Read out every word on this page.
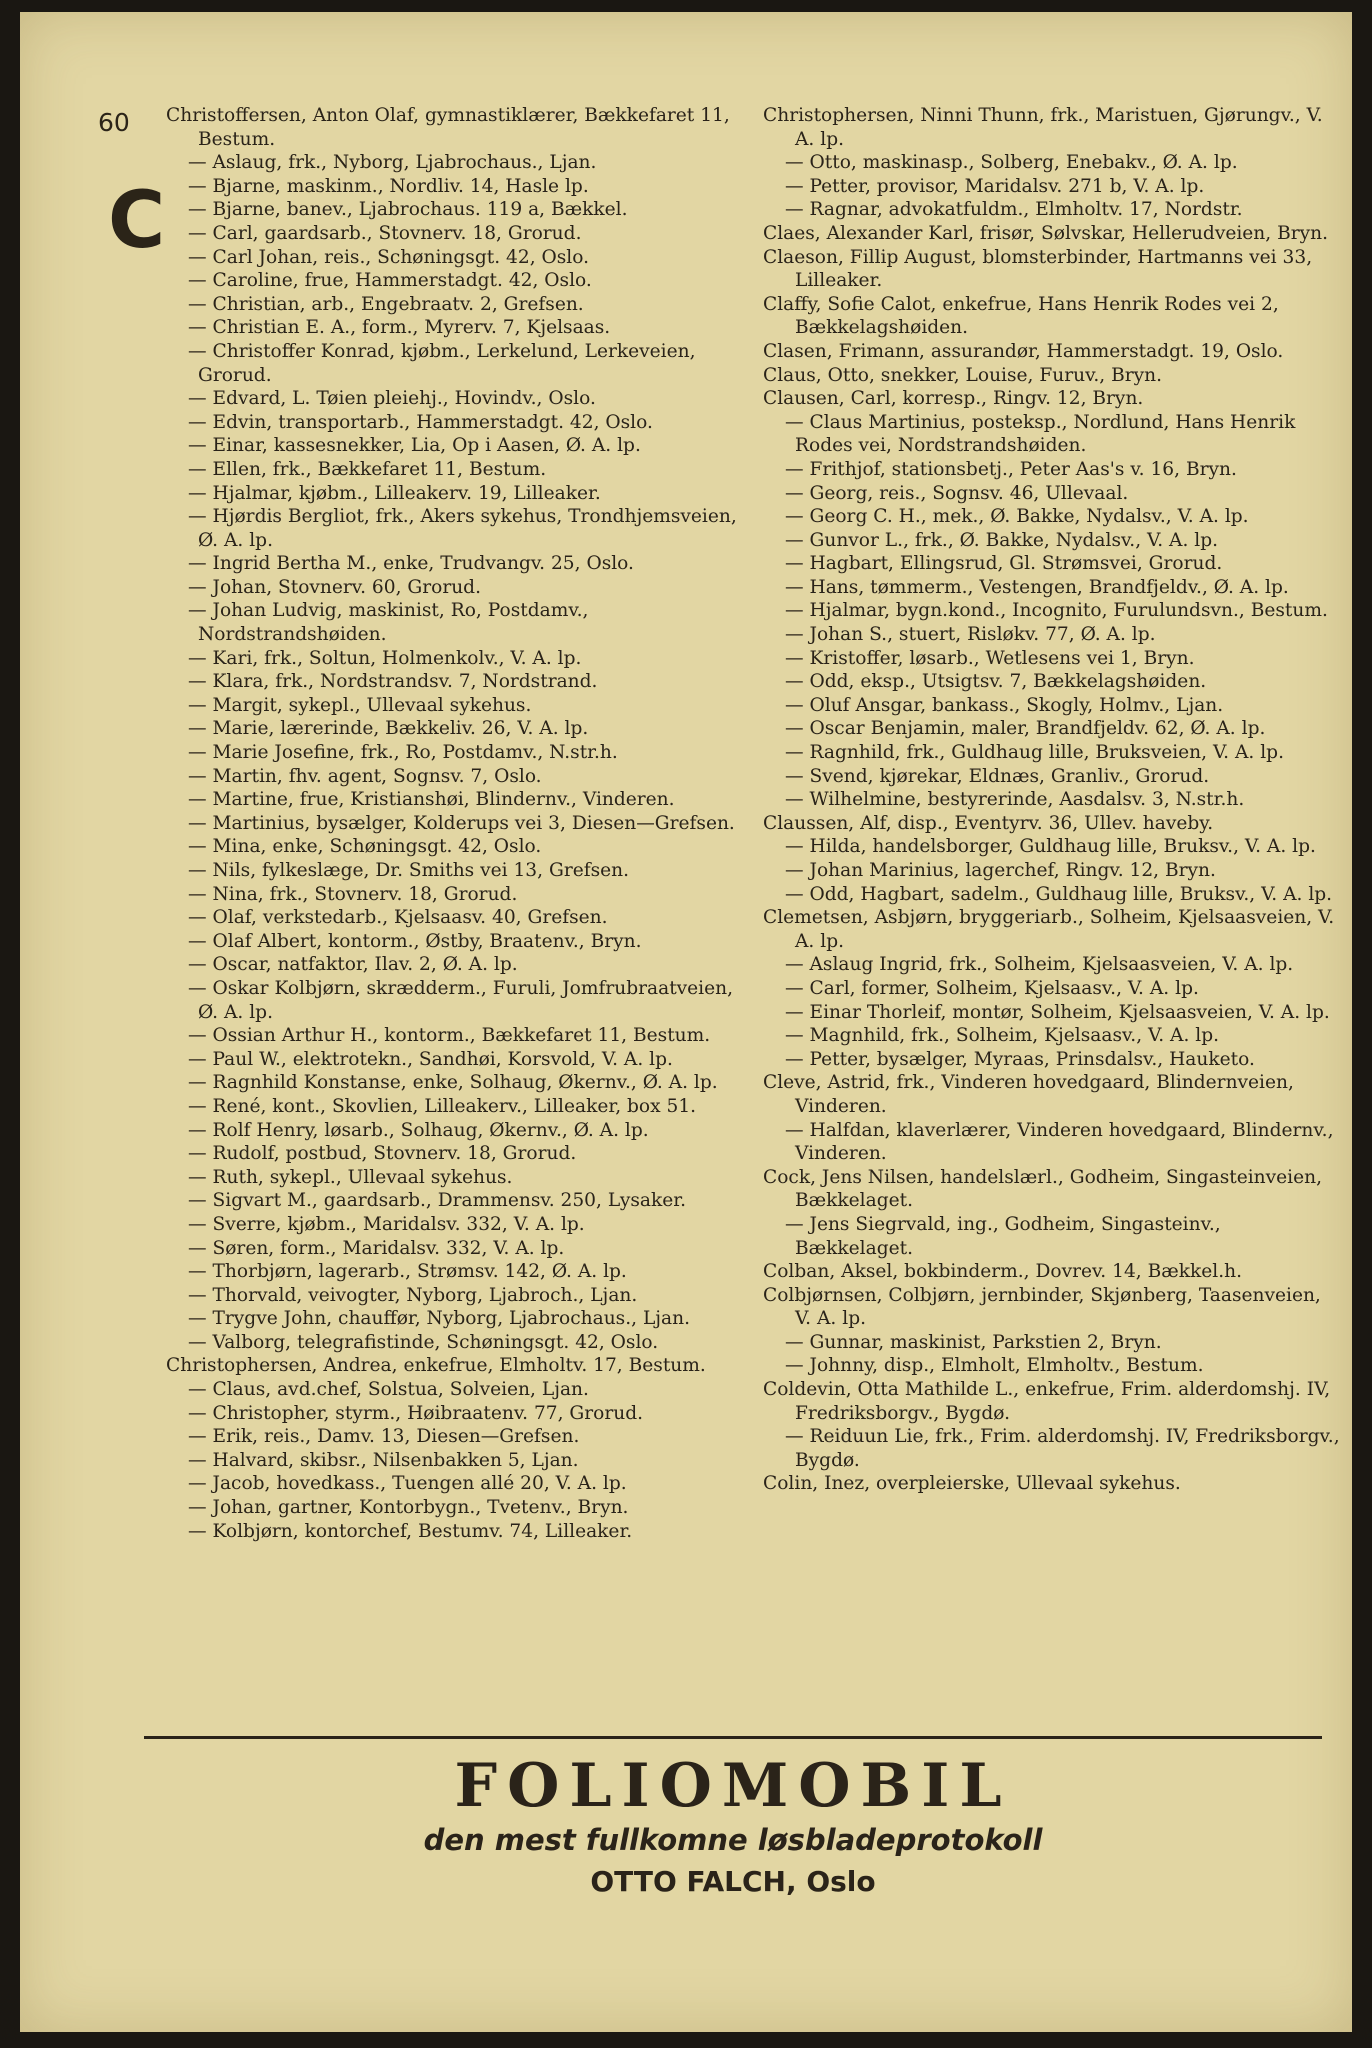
60
C

Christoffersen, Anton Olaf, gymnastiklærer, Bækkefaret 11, Bestum.

— Aslaug, frk., Nyborg, Ljabrochaus., Ljan.

— Bjarne, maskinm., Nordliv. 14, Hasle lp.

— Bjarne, banev., Ljabrochaus. 119 a, Bækkel.

— Carl, gaardsarb., Stovnerv. 18, Grorud.

— Carl Johan, reis., Schøningsgt. 42, Oslo.

— Caroline, frue, Hammerstadgt. 42, Oslo.

— Christian, arb., Engebraatv. 2, Grefsen.

— Christian E. A., form., Myrerv. 7, Kjelsaas.

— Christoffer Konrad, kjøbm., Lerkelund, Lerkeveien, Grorud.

— Edvard, L. Tøien pleiehj., Hovindv., Oslo.

— Edvin, transportarb., Hammerstadgt. 42, Oslo.

— Einar, kassesnekker, Lia, Op i Aasen, Ø. A. lp.

— Ellen, frk., Bækkefaret 11, Bestum.

— Hjalmar, kjøbm., Lilleakerv. 19, Lilleaker.

— Hjørdis Bergliot, frk., Akers sykehus, Trondhjemsveien, Ø. A. lp.

— Ingrid Bertha M., enke, Trudvangv. 25, Oslo.

— Johan, Stovnerv. 60, Grorud.

— Johan Ludvig, maskinist, Ro, Postdamv., Nordstrandshøiden.

— Kari, frk., Soltun, Holmenkolv., V. A. lp.

— Klara, frk., Nordstrandsv. 7, Nordstrand.

— Margit, sykepl., Ullevaal sykehus.

— Marie, lærerinde, Bækkeliv. 26, V. A. lp.

— Marie Josefine, frk., Ro, Postdamv., N.str.h.

— Martin, fhv. agent, Sognsv. 7, Oslo.

— Martine, frue, Kristianshøi, Blindernv., Vinderen.

— Martinius, bysælger, Kolderups vei 3, Diesen—Grefsen.

— Mina, enke, Schøningsgt. 42, Oslo.

— Nils, fylkeslæge, Dr. Smiths vei 13, Grefsen.

— Nina, frk., Stovnerv. 18, Grorud.

— Olaf, verkstedarb., Kjelsaasv. 40, Grefsen.

— Olaf Albert, kontorm., Østby, Braatenv., Bryn.

— Oscar, natfaktor, Ilav. 2, Ø. A. lp.

— Oskar Kolbjørn, skrædderm., Furuli, Jomfrubraatveien, Ø. A. lp.

— Ossian Arthur H., kontorm., Bækkefaret 11, Bestum.

— Paul W., elektrotekn., Sandhøi, Korsvold, V. A. lp.

— Ragnhild Konstanse, enke, Solhaug, Økernv., Ø. A. lp.

— René, kont., Skovlien, Lilleakerv., Lilleaker, box 51.

— Rolf Henry, løsarb., Solhaug, Økernv., Ø. A. lp.

— Rudolf, postbud, Stovnerv. 18, Grorud.

— Ruth, sykepl., Ullevaal sykehus.

— Sigvart M., gaardsarb., Drammensv. 250, Lysaker.

— Sverre, kjøbm., Maridalsv. 332, V. A. lp.

— Søren, form., Maridalsv. 332, V. A. lp.

— Thorbjørn, lagerarb., Strømsv. 142, Ø. A. lp.

— Thorvald, veivogter, Nyborg, Ljabroch., Ljan.

— Trygve John, chauffør, Nyborg, Ljabrochaus., Ljan.

— Valborg, telegrafistinde, Schøningsgt. 42, Oslo.

Christophersen, Andrea, enkefrue, Elmholtv. 17, Bestum.

— Claus, avd.chef, Solstua, Solveien, Ljan.

— Christopher, styrm., Høibraatenv. 77, Grorud.

— Erik, reis., Damv. 13, Diesen—Grefsen.

— Halvard, skibsr., Nilsenbakken 5, Ljan.

— Jacob, hovedkass., Tuengen allé 20, V. A. lp.

— Johan, gartner, Kontorbygn., Tvetenv., Bryn.

— Kolbjørn, kontorchef, Bestumv. 74, Lilleaker.

Christophersen, Ninni Thunn, frk., Maristuen, Gjørungv., V. A. lp.

— Otto, maskinasp., Solberg, Enebakv., Ø. A. lp.

— Petter, provisor, Maridalsv. 271 b, V. A. lp.

— Ragnar, advokatfuldm., Elmholtv. 17, Nordstr.

Claes, Alexander Karl, frisør, Sølvskar, Hellerudveien, Bryn.

Claeson, Fillip August, blomsterbinder, Hartmanns vei 33, Lilleaker.

Claffy, Sofie Calot, enkefrue, Hans Henrik Rodes vei 2, Bækkelagshøiden.

Clasen, Frimann, assurandør, Hammerstadgt. 19, Oslo.

Claus, Otto, snekker, Louise, Furuv., Bryn.

Clausen, Carl, korresp., Ringv. 12, Bryn.

— Claus Martinius, posteksp., Nordlund, Hans Henrik Rodes vei, Nordstrandshøiden.

— Frithjof, stationsbetj., Peter Aas's v. 16, Bryn.

— Georg, reis., Sognsv. 46, Ullevaal.

— Georg C. H., mek., Ø. Bakke, Nydalsv., V. A. lp.

— Gunvor L., frk., Ø. Bakke, Nydalsv., V. A. lp.

— Hagbart, Ellingsrud, Gl. Strømsvei, Grorud.

— Hans, tømmerm., Vestengen, Brandfjeldv., Ø. A. lp.

— Hjalmar, bygn.kond., Incognito, Furulundsvn., Bestum.

— Johan S., stuert, Risløkv. 77, Ø. A. lp.

— Kristoffer, løsarb., Wetlesens vei 1, Bryn.

— Odd, eksp., Utsigtsv. 7, Bækkelagshøiden.

— Oluf Ansgar, bankass., Skogly, Holmv., Ljan.

— Oscar Benjamin, maler, Brandfjeldv. 62, Ø. A. lp.

— Ragnhild, frk., Guldhaug lille, Bruksveien, V. A. lp.

— Svend, kjørekar, Eldnæs, Granliv., Grorud.

— Wilhelmine, bestyrerinde, Aasdalsv. 3, N.str.h.

Claussen, Alf, disp., Eventyrv. 36, Ullev. haveby.

— Hilda, handelsborger, Guldhaug lille, Bruksv., V. A. lp.

— Johan Marinius, lagerchef, Ringv. 12, Bryn.

— Odd, Hagbart, sadelm., Guldhaug lille, Bruksv., V. A. lp.

Clemetsen, Asbjørn, bryggeriarb., Solheim, Kjelsaasveien, V. A. lp.

— Aslaug Ingrid, frk., Solheim, Kjelsaasveien, V. A. lp.

— Carl, former, Solheim, Kjelsaasv., V. A. lp.

— Einar Thorleif, montør, Solheim, Kjelsaasveien, V. A. lp.

— Magnhild, frk., Solheim, Kjelsaasv., V. A. lp.

— Petter, bysælger, Myraas, Prinsdalsv., Hauketo.

Cleve, Astrid, frk., Vinderen hovedgaard, Blindernveien, Vinderen.

— Halfdan, klaverlærer, Vinderen hovedgaard, Blindernv., Vinderen.

Cock, Jens Nilsen, handelslærl., Godheim, Singasteinveien, Bækkelaget.

— Jens Siegrvald, ing., Godheim, Singasteinv., Bækkelaget.

Colban, Aksel, bokbinderm., Dovrev. 14, Bækkel.h.

Colbjørnsen, Colbjørn, jernbinder, Skjønberg, Taasenveien, V. A. lp.

— Gunnar, maskinist, Parkstien 2, Bryn.

— Johnny, disp., Elmholt, Elmholtv., Bestum.

Coldevin, Otta Mathilde L., enkefrue, Frim. alderdomshj. IV, Fredriksborgv., Bygdø.

— Reiduun Lie, frk., Frim. alderdomshj. IV, Fredriksborgv., Bygdø.

Colin, Inez, overpleierske, Ullevaal sykehus.

FOLIOMOBIL

den mest fullkomne løsbladeprotokoll

OTTO FALCH, Oslo
